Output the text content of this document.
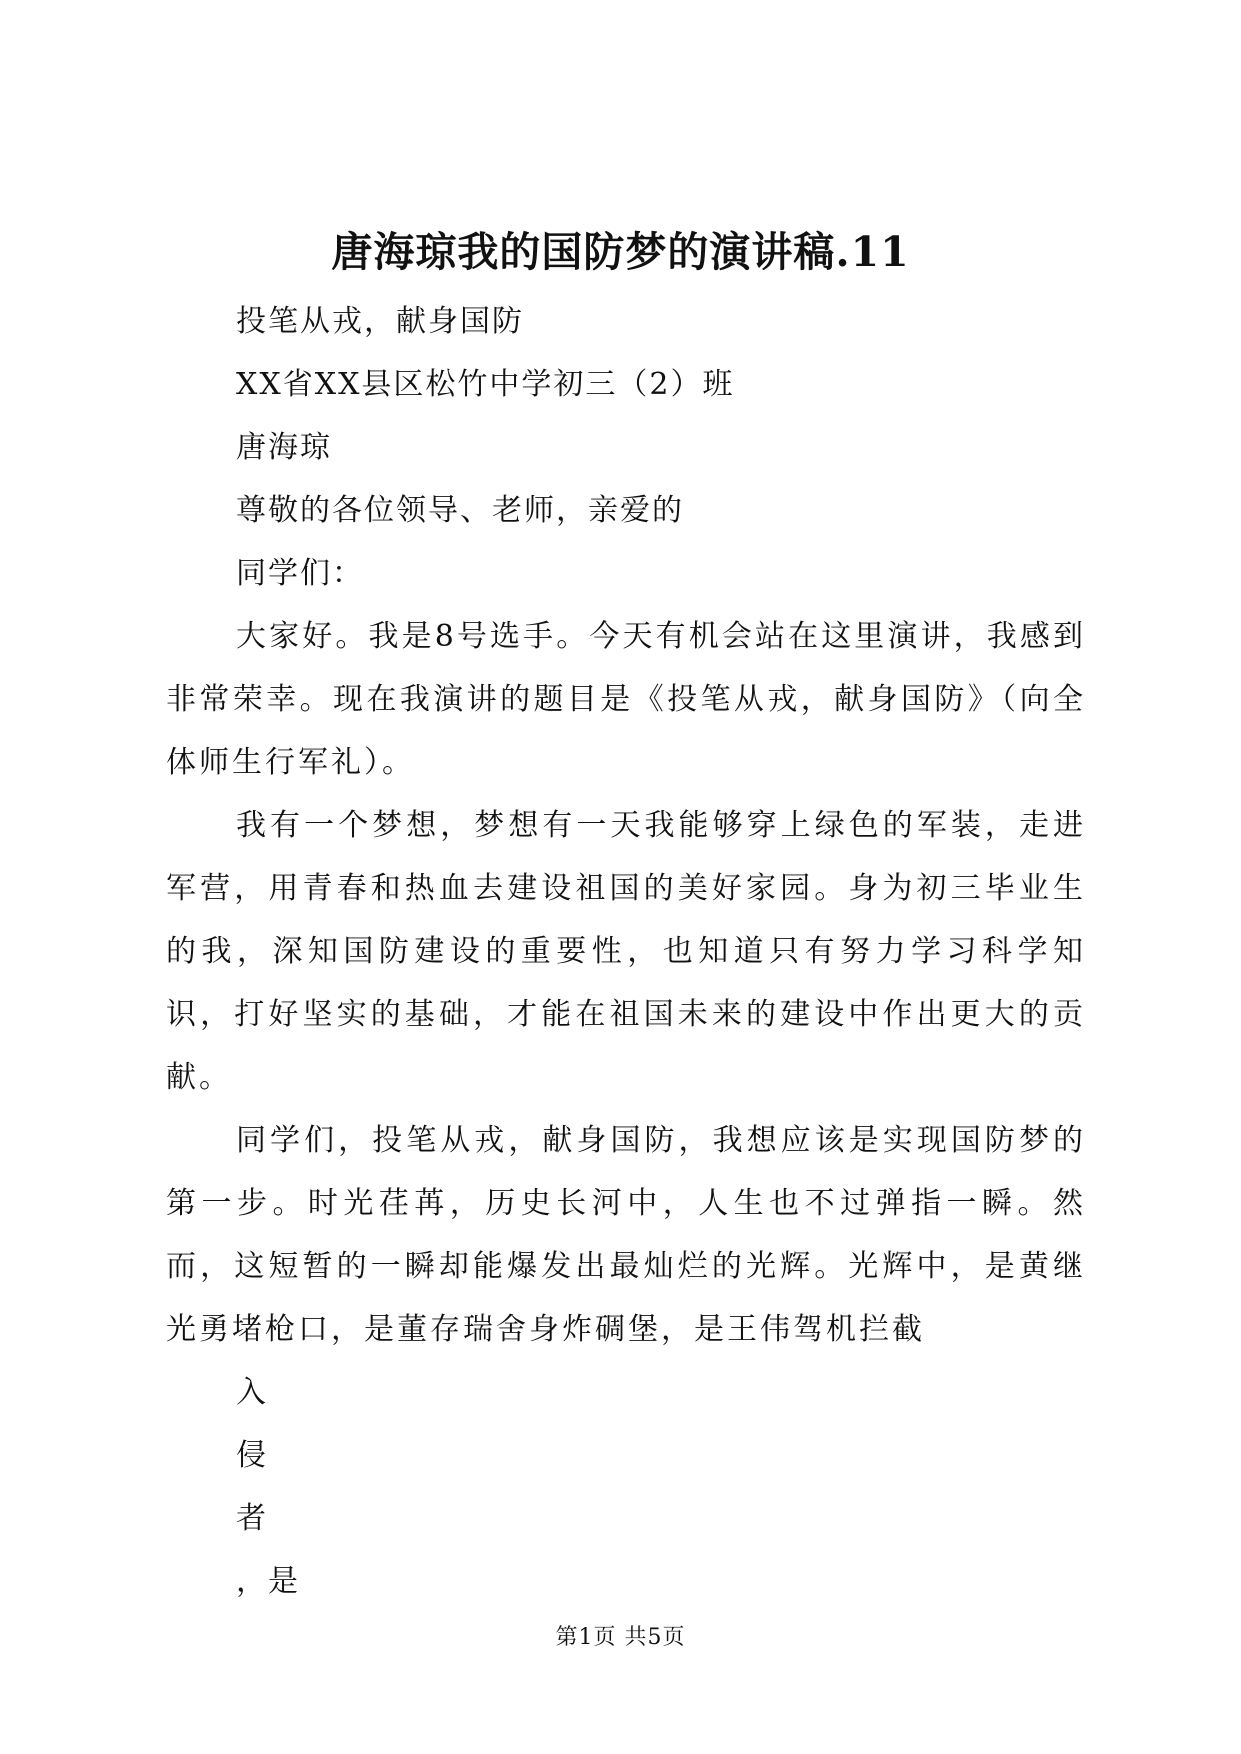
唐海琼我的国防梦的演讲稿.11

投笔从戎，献身国防

XX省XX县区松竹中学初三（2）班

唐海琼

尊敬的各位领导、老师，亲爱的

同学们：

大家好。我是8号选手。今天有机会站在这里演讲，我感到非常荣幸。现在我演讲的题目是《投笔从戎，献身国防》（向全体师生行军礼）。

我有一个梦想，梦想有一天我能够穿上绿色的军装，走进军营，用青春和热血去建设祖国的美好家园。身为初三毕业生的我，深知国防建设的重要性，也知道只有努力学习科学知识，打好坚实的基础，才能在祖国未来的建设中作出更大的贡献。

同学们，投笔从戎，献身国防，我想应该是实现国防梦的第一步。时光荏苒，历史长河中，人生也不过弹指一瞬。然而，这短暂的一瞬却能爆发出最灿烂的光辉。光辉中，是黄继光勇堵枪口，是董存瑞舍身炸碉堡，是王伟驾机拦截

入

侵

者

，是

第1页 共5页
